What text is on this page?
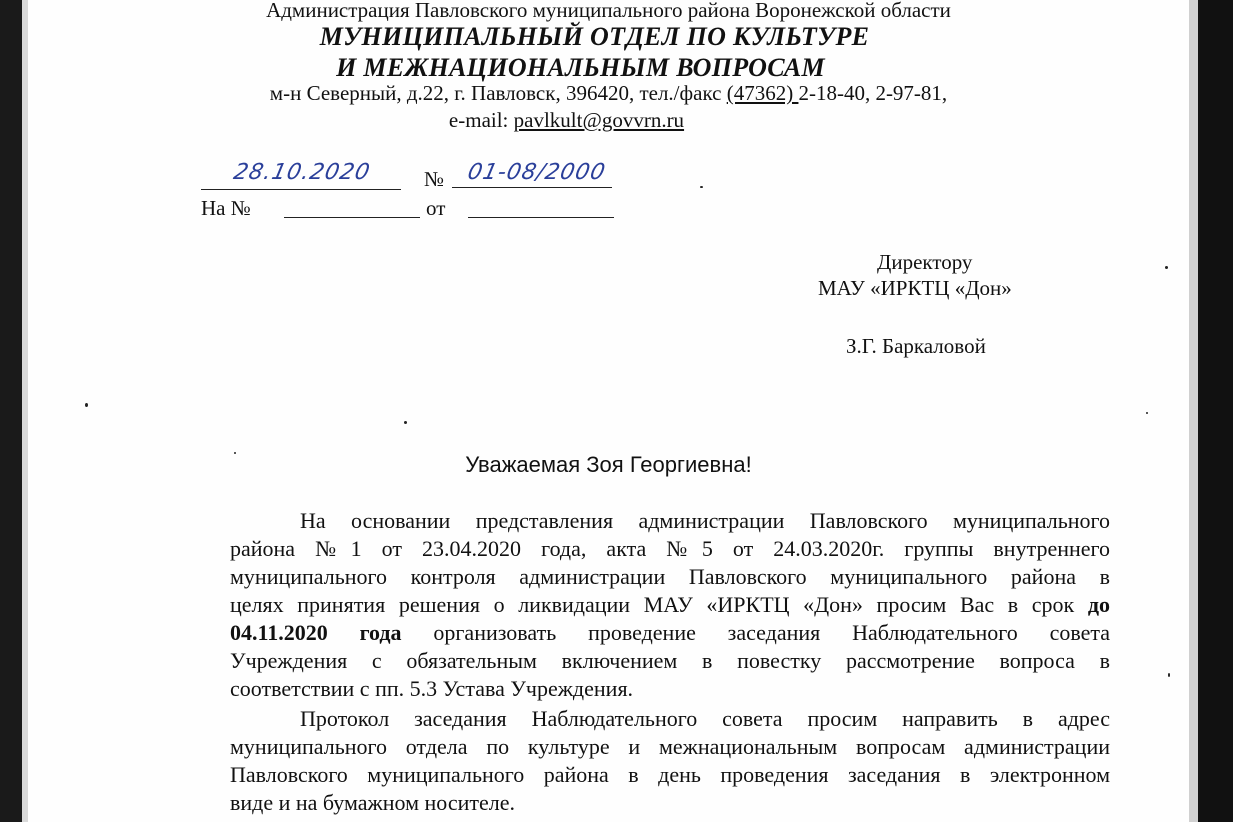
Администрация Павловского муниципального района Воронежской области
МУНИЦИПАЛЬНЫЙ ОТДЕЛ ПО КУЛЬТУРЕ
И МЕЖНАЦИОНАЛЬНЫМ ВОПРОСАМ
м-н Северный, д.22, г. Павловск, 396420, тел./факс (47362) 2-18-40, 2-97-81,
e-mail: pavlkult@govvrn.ru
28.10.2020 № 01-08/2000
На №	от
Директору
МАУ «ИРКТЦ «Дон»
З.Г. Баркаловой
Уважаемая Зоя Георгиевна!
На основании представления администрации Павловского муниципального
района №1 от 23.04.2020 года, акта №5 от 24.03.2020г. группы внутреннего
муниципального контроля администрации Павловского муниципального района в
целях принятия решения о ликвидации МАУ «ИРКТЦ «Дон» просим Вас в срок до
04.11.2020 года организовать проведение заседания Наблюдательного совета
Учреждения с обязательным включением в повестку рассмотрение вопроса в
соответствии с пп. 5.3 Устава Учреждения.
Протокол заседания Наблюдательного совета просим направить в адрес
муниципального отдела по культуре и межнациональным вопросам администрации
Павловского муниципального района в день проведения заседания в электронном
виде и на бумажном носителе.
